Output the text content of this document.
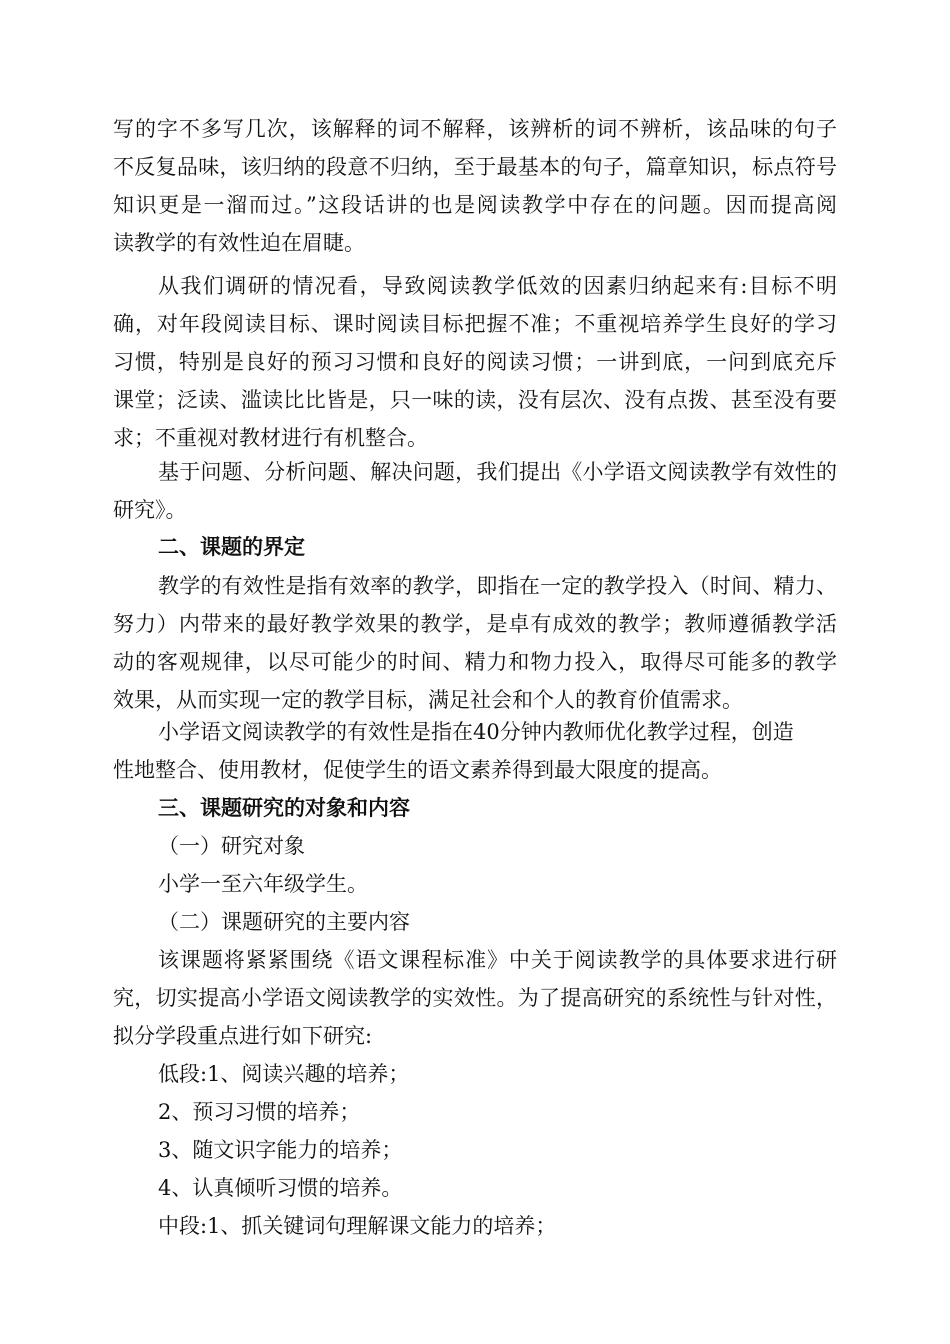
写的字不多写几次，该解释的词不解释，该辨析的词不辨析，该品味的句子
不反复品味，该归纳的段意不归纳，至于最基本的句子，篇章知识，标点符号
知识更是一溜而过。”这段话讲的也是阅读教学中存在的问题。因而提高阅
读教学的有效性迫在眉睫。
从我们调研的情况看，导致阅读教学低效的因素归纳起来有:目标不明
确，对年段阅读目标、课时阅读目标把握不准；不重视培养学生良好的学习
习惯，特别是良好的预习习惯和良好的阅读习惯；一讲到底，一问到底充斥
课堂；泛读、滥读比比皆是，只一味的读，没有层次、没有点拨、甚至没有要
求；不重视对教材进行有机整合。
基于问题、分析问题、解决问题，我们提出《小学语文阅读教学有效性的
研究》。
二、课题的界定
教学的有效性是指有效率的教学，即指在一定的教学投入（时间、精力、
努力）内带来的最好教学效果的教学，是卓有成效的教学；教师遵循教学活
动的客观规律，以尽可能少的时间、精力和物力投入，取得尽可能多的教学
效果，从而实现一定的教学目标，满足社会和个人的教育价值需求。
小学语文阅读教学的有效性是指在40分钟内教师优化教学过程，创造
性地整合、使用教材，促使学生的语文素养得到最大限度的提高。
三、课题研究的对象和内容
（一）研究对象
小学一至六年级学生。
（二）课题研究的主要内容
该课题将紧紧围绕《语文课程标准》中关于阅读教学的具体要求进行研
究，切实提高小学语文阅读教学的实效性。为了提高研究的系统性与针对性，
拟分学段重点进行如下研究:
低段:1、阅读兴趣的培养；
2、预习习惯的培养；
3、随文识字能力的培养；
4、认真倾听习惯的培养。
中段:1、抓关键词句理解课文能力的培养；
